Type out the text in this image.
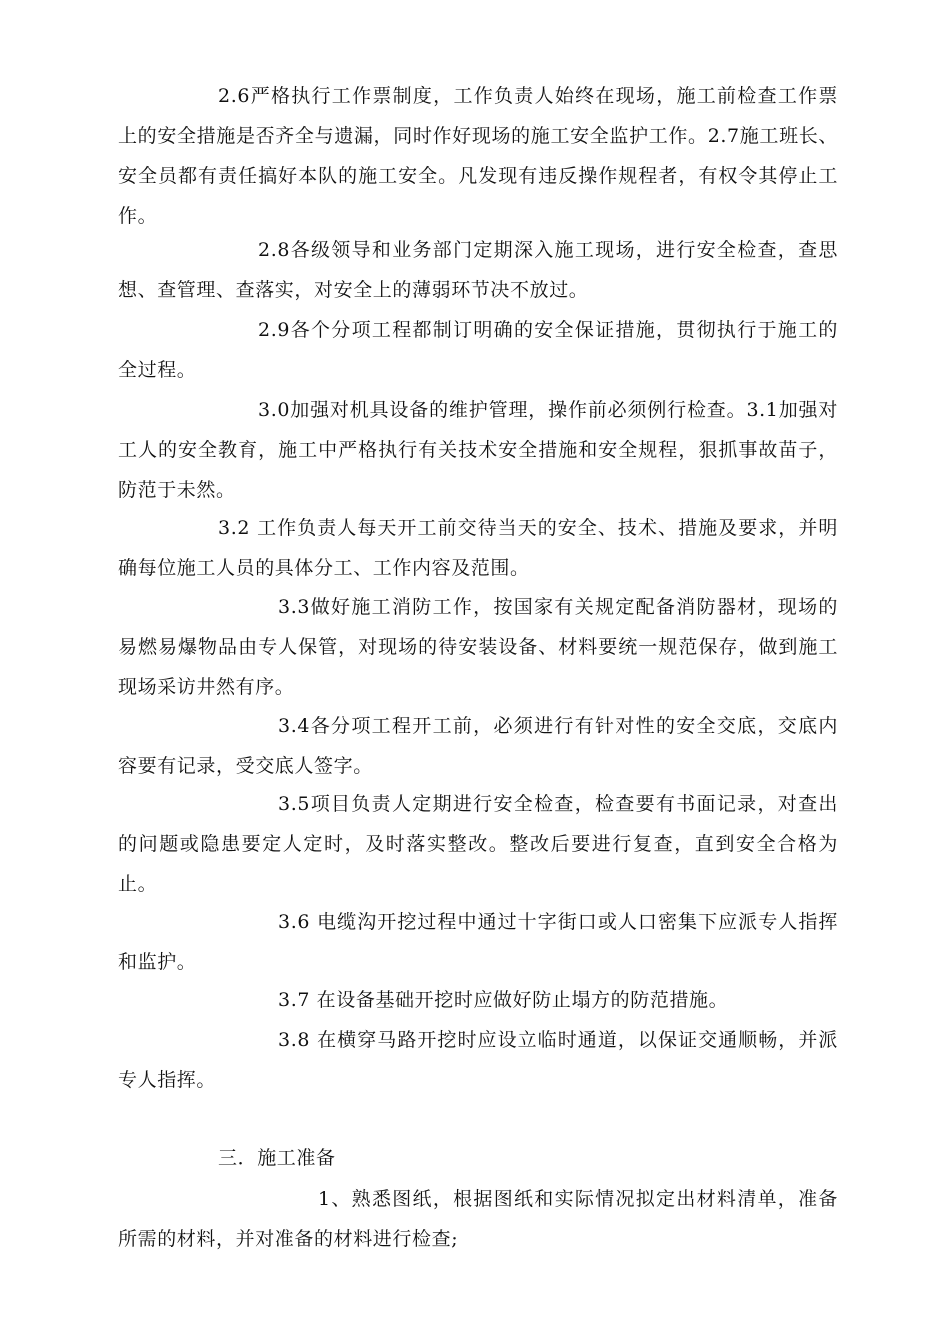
2.6严格执行工作票制度，工作负责人始终在现场，施工前检查工作票上的安全措施是否齐全与遗漏，同时作好现场的施工安全监护工作。2.7施工班长、安全员都有责任搞好本队的施工安全。凡发现有违反操作规程者，有权令其停止工作。

2.8各级领导和业务部门定期深入施工现场，进行安全检查，查思想、查管理、查落实，对安全上的薄弱环节决不放过。

2.9各个分项工程都制订明确的安全保证措施，贯彻执行于施工的全过程。

3.0加强对机具设备的维护管理，操作前必须例行检查。3.1加强对工人的安全教育，施工中严格执行有关技术安全措施和安全规程，狠抓事故苗子，防范于未然。

3.2 工作负责人每天开工前交待当天的安全、技术、措施及要求，并明确每位施工人员的具体分工、工作内容及范围。

3.3做好施工消防工作，按国家有关规定配备消防器材，现场的易燃易爆物品由专人保管，对现场的待安装设备、材料要统一规范保存，做到施工现场采访井然有序。

3.4各分项工程开工前，必须进行有针对性的安全交底，交底内容要有记录，受交底人签字。

3.5项目负责人定期进行安全检查，检查要有书面记录，对查出的问题或隐患要定人定时，及时落实整改。整改后要进行复查，直到安全合格为止。

3.6 电缆沟开挖过程中通过十字街口或人口密集下应派专人指挥和监护。

3.7 在设备基础开挖时应做好防止塌方的防范措施。

3.8 在横穿马路开挖时应设立临时通道，以保证交通顺畅，并派专人指挥。

三．施工准备

1、熟悉图纸，根据图纸和实际情况拟定出材料清单，准备所需的材料，并对准备的材料进行检查;
